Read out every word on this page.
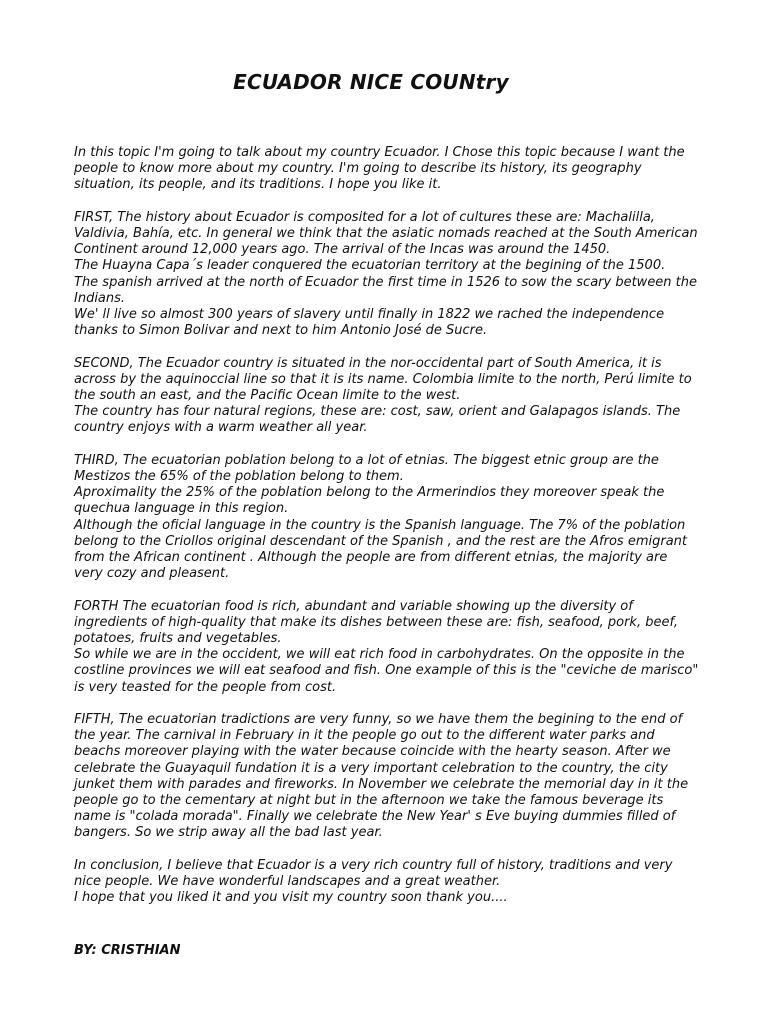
ECUADOR NICE COUNtry

In this topic I'm going to talk about my country Ecuador. I Chose this topic because I want the people to know more about my country. I'm going to describe its history, its geography situation, its people, and its traditions. I hope you like it.

FIRST, The history about Ecuador is composited for a lot of cultures these are: Machalilla, Valdivia, Bahía, etc. In general we think that the asiatic nomads reached at the South American Continent around 12,000 years ago. The arrival of the Incas was around the 1450.
The Huayna Capa´s leader conquered the ecuatorian territory at the begining of the 1500.
The spanish arrived at the north of Ecuador the first time in 1526 to sow the scary between the Indians.
We' ll live so almost 300 years of slavery until finally in 1822 we rached the independence thanks to Simon Bolivar and next to him Antonio José de Sucre.

SECOND, The Ecuador country is situated in the nor-occidental part of South America, it is across by the aquinoccial line so that it is its name. Colombia limite to the north, Perú limite to the south an east, and the Pacific Ocean limite to the west.
The country has four natural regions, these are: cost, saw, orient and Galapagos islands. The country enjoys with a warm weather all year.

THIRD, The ecuatorian poblation belong to a lot of etnias. The biggest etnic group are the Mestizos the 65% of the poblation belong to them.
Aproximality the 25% of the poblation belong to the Armerindios they moreover speak the quechua language in this region.
Although the oficial language in the country is the Spanish language. The 7% of the poblation belong to the Criollos original descendant of the Spanish , and the rest are the Afros emigrant from the African continent . Although the people are from different etnias, the majority are very cozy and pleasent.

FORTH The ecuatorian food is rich, abundant and variable showing up the diversity of ingredients of high-quality that make its dishes between these are: fish, seafood, pork, beef, potatoes, fruits and vegetables.
So while we are in the occident, we will eat rich food in carbohydrates. On the opposite in the costline provinces we will eat seafood and fish. One example of this is the "ceviche de marisco" is very teasted for the people from cost.

FIFTH, The ecuatorian tradictions are very funny, so we have them the begining to the end of the year. The carnival in February in it the people go out to the different water parks and beachs moreover playing with the water because coincide with the hearty season. After we celebrate the Guayaquil fundation it is a very important celebration to the country, the city junket them with parades and fireworks. In November we celebrate the memorial day in it the people go to the cementary at night but in the afternoon we take the famous beverage its name is "colada morada". Finally we celebrate the New Year' s Eve buying dummies filled of bangers. So we strip away all the bad last year.

In conclusion, I believe that Ecuador is a very rich country full of history, traditions and very nice people. We have wonderful landscapes and a great weather.
I hope that you liked it and you visit my country soon thank you....

BY: CRISTHIAN
